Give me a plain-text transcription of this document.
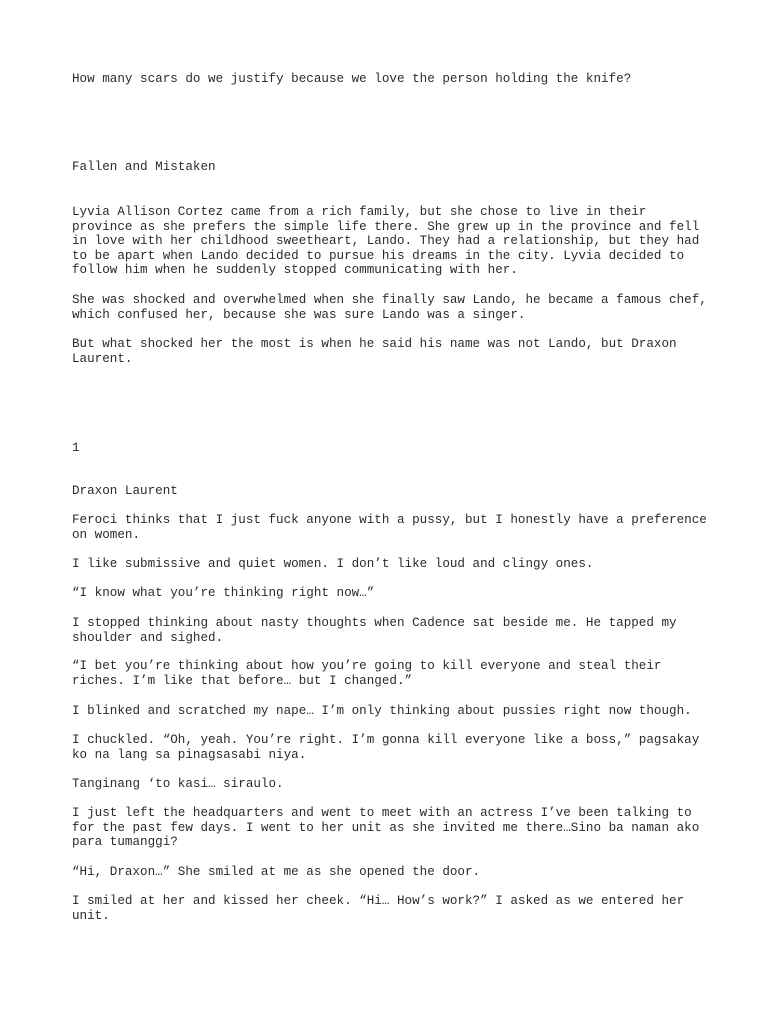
How many scars do we justify because we love the person holding the knife?

Fallen and Mistaken

Lyvia Allison Cortez came from a rich family, but she chose to live in their province as she prefers the simple life there. She grew up in the province and fell in love with her childhood sweetheart, Lando. They had a relationship, but they had to be apart when Lando decided to pursue his dreams in the city. Lyvia decided to follow him when he suddenly stopped communicating with her.

She was shocked and overwhelmed when she finally saw Lando, he became a famous chef, which confused her, because she was sure Lando was a singer.

But what shocked her the most is when he said his name was not Lando, but Draxon Laurent.

1

Draxon Laurent

Feroci thinks that I just fuck anyone with a pussy, but I honestly have a preference on women.

I like submissive and quiet women. I don’t like loud and clingy ones.

“I know what you’re thinking right now…”

I stopped thinking about nasty thoughts when Cadence sat beside me. He tapped my shoulder and sighed.

“I bet you’re thinking about how you’re going to kill everyone and steal their riches. I’m like that before… but I changed.”

I blinked and scratched my nape… I’m only thinking about pussies right now though.

I chuckled. “Oh, yeah. You’re right. I’m gonna kill everyone like a boss,” pagsakay ko na lang sa pinagsasabi niya.

Tanginang ‘to kasi… siraulo.

I just left the headquarters and went to meet with an actress I’ve been talking to for the past few days. I went to her unit as she invited me there…Sino ba naman ako para tumanggi?

“Hi, Draxon…” She smiled at me as she opened the door.

I smiled at her and kissed her cheek. “Hi… How’s work?” I asked as we entered her unit.
